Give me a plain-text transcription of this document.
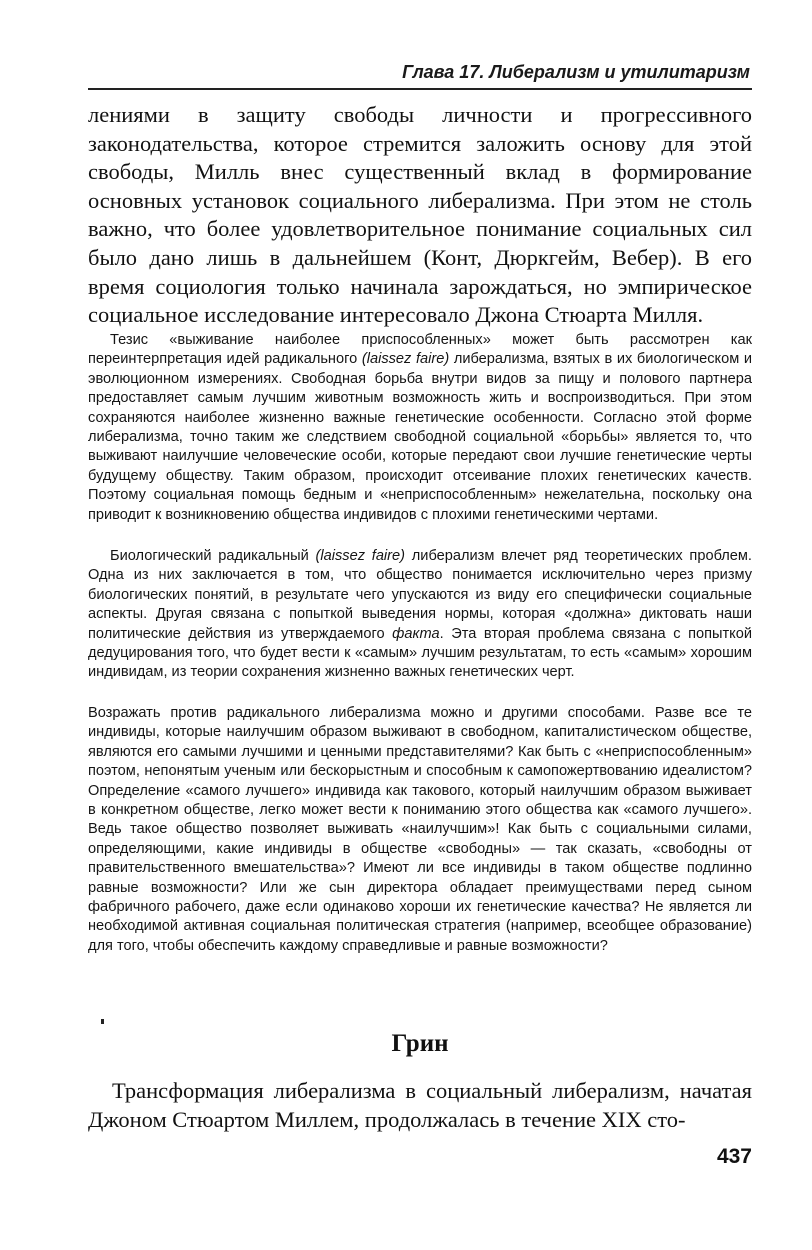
Глава 17. Либерализм и утилитаризм

лениями в защиту свободы личности и прогрессивного законодательства, которое стремится заложить основу для этой свободы, Милль внес существенный вклад в формирование основных установок социального либерализма. При этом не столь важно, что более удовлетворительное понимание социальных сил было дано лишь в дальнейшем (Конт, Дюркгейм, Вебер). В его время социология только начинала зарождаться, но эмпирическое социальное исследование интересовало Джона Стюарта Милля.

Тезис «выживание наиболее приспособленных» может быть рассмотрен как переинтерпретация идей радикального (laissez faire) либерализма, взятых в их биологическом и эволюционном измерениях. Свободная борьба внутри видов за пищу и полового партнера предоставляет самым лучшим животным возможность жить и воспроизводиться. При этом сохраняются наиболее жизненно важные генетические особенности. Согласно этой форме либерализма, точно таким же следствием свободной социальной «борьбы» является то, что выживают наилучшие человеческие особи, которые передают свои лучшие генетические черты будущему обществу. Таким образом, происходит отсеивание плохих генетических качеств. Поэтому социальная помощь бедным и «неприспособленным» нежелательна, поскольку она приводит к возникновению общества индивидов с плохими генетическими чертами.

Биологический радикальный (laissez faire) либерализм влечет ряд теоретических проблем. Одна из них заключается в том, что общество понимается исключительно через призму биологических понятий, в результате чего упускаются из виду его специфически социальные аспекты. Другая связана с попыткой выведения нормы, которая «должна» диктовать наши политические действия из утверждаемого факта. Эта вторая проблема связана с попыткой дедуцирования того, что будет вести к «самым» лучшим результатам, то есть «самым» хорошим индивидам, из теории сохранения жизненно важных генетических черт.

Возражать против радикального либерализма можно и другими способами. Разве все те индивиды, которые наилучшим образом выживают в свободном, капиталистическом обществе, являются его самыми лучшими и ценными представителями? Как быть с «неприспособленным» поэтом, непонятым ученым или бескорыстным и способным к самопожертвованию идеалистом? Определение «самого лучшего» индивида как такового, который наилучшим образом выживает в конкретном обществе, легко может вести к пониманию этого общества как «самого лучшего». Ведь такое общество позволяет выживать «наилучшим»! Как быть с социальными силами, определяющими, какие индивиды в обществе «свободны» — так сказать, «свободны от правительственного вмешательства»? Имеют ли все индивиды в таком обществе подлинно равные возможности? Или же сын директора обладает преимуществами перед сыном фабричного рабочего, даже если одинаково хороши их генетические качества? Не является ли необходимой активная социальная политическая стратегия (например, всеобщее образование) для того, чтобы обеспечить каждому справедливые и равные возможности?

Грин

Трансформация либерализма в социальный либерализм, начатая Джоном Стюартом Миллем, продолжалась в течение XIX сто-

437
